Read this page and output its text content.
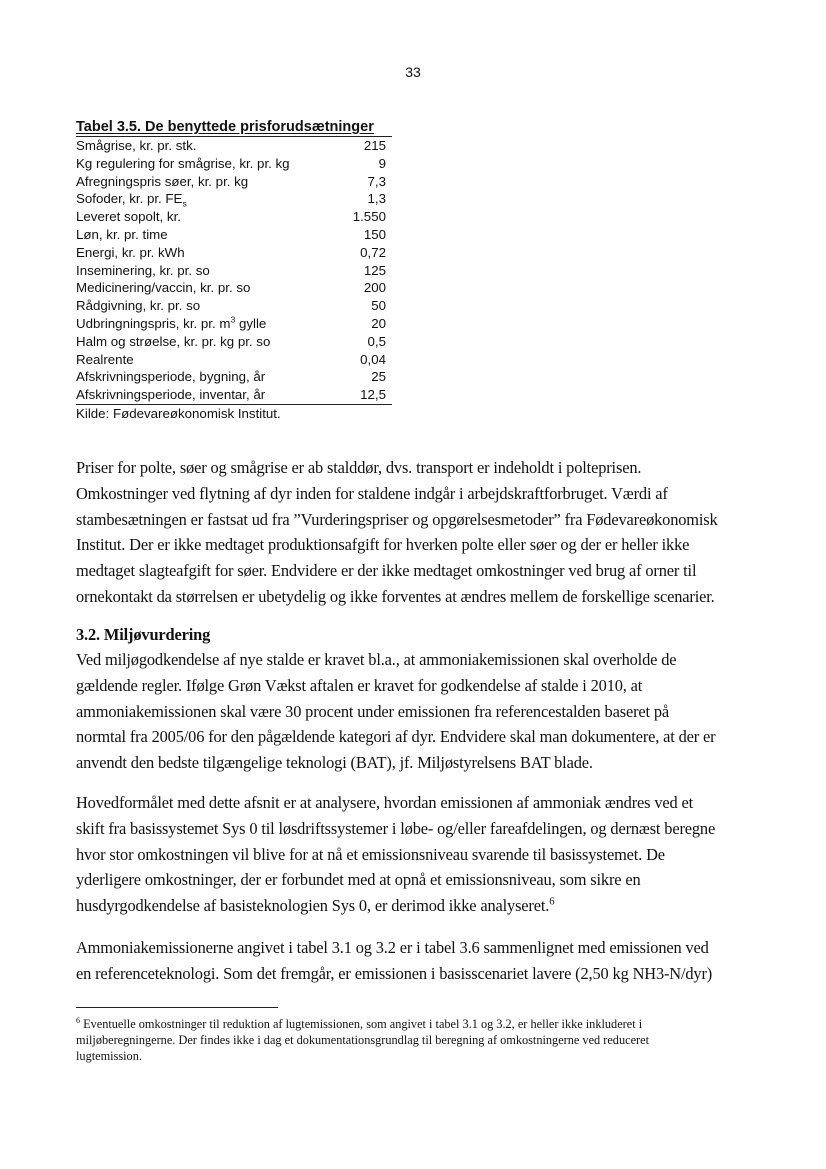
33
Tabel 3.5. De benyttede prisforudsætninger
Smågrise, kr. pr. stk.	215
Kg regulering for smågrise, kr. pr. kg	9
Afregningspris søer, kr. pr. kg	7,3
Sofoder, kr. pr. $FE_s$	1,3
Leveret sopolt, kr.	1.550
Løn, kr. pr. time	150
Energi, kr. pr. kWh	0,72
Inseminering, kr. pr. so	125
Medicinering/vaccin, kr. pr. so	200
Rådgivning, kr. pr. so	50
Udbringningspris, kr. pr. $m^3$ gylle	20
Halm og strøelse, kr. pr. kg pr. so	0,5
Realrente	0,04
Afskrivningsperiode, bygning, år	25
Afskrivningsperiode, inventar, år	12,5
Kilde: Fødevareøkonomisk Institut.
Priser for polte, søer og smågrise er ab stalddør, dvs. transport er indeholdt i polteprisen.
Omkostninger ved flytning af dyr inden for staldene indgår i arbejdskraftforbruget. Værdi af
stambesætningen er fastsat ud fra ”Vurderingspriser og opgørelsesmetoder” fra Fødevareøkonomisk
Institut. Der er ikke medtaget produktionsafgift for hverken polte eller søer og der er heller ikke
medtaget slagteafgift for søer. Endvidere er der ikke medtaget omkostninger ved brug af orner til
ornekontakt da størrelsen er ubetydelig og ikke forventes at ændres mellem de forskellige scenarier.
3.2. Miljøvurdering
Ved miljøgodkendelse af nye stalde er kravet bl.a., at ammoniakemissionen skal overholde de
gældende regler. Ifølge Grøn Vækst aftalen er kravet for godkendelse af stalde i 2010, at
ammoniakemissionen skal være 30 procent under emissionen fra referencestalden baseret på
normtal fra 2005/06 for den pågældende kategori af dyr. Endvidere skal man dokumentere, at der er
anvendt den bedste tilgængelige teknologi (BAT), jf. Miljøstyrelsens BAT blade.
Hovedformålet med dette afsnit er at analysere, hvordan emissionen af ammoniak ændres ved et
skift fra basissystemet Sys 0 til løsdriftssystemer i løbe- og/eller fareafdelingen, og dernæst beregne
hvor stor omkostningen vil blive for at nå et emissionsniveau svarende til basissystemet. De
yderligere omkostninger, der er forbundet med at opnå et emissionsniveau, som sikre en
husdyrgodkendelse af basisteknologien Sys 0, er derimod ikke analyseret.$^6$
Ammoniakemissionerne angivet i tabel 3.1 og 3.2 er i tabel 3.6 sammenlignet med emissionen ved
en referenceteknologi. Som det fremgår, er emissionen i basisscenariet lavere (2,50 kg NH3-N/dyr)
$^6$ Eventuelle omkostninger til reduktion af lugtemissionen, som angivet i tabel 3.1 og 3.2, er heller ikke inkluderet i
miljøberegningerne. Der findes ikke i dag et dokumentationsgrundlag til beregning af omkostningerne ved reduceret
lugtemission.
